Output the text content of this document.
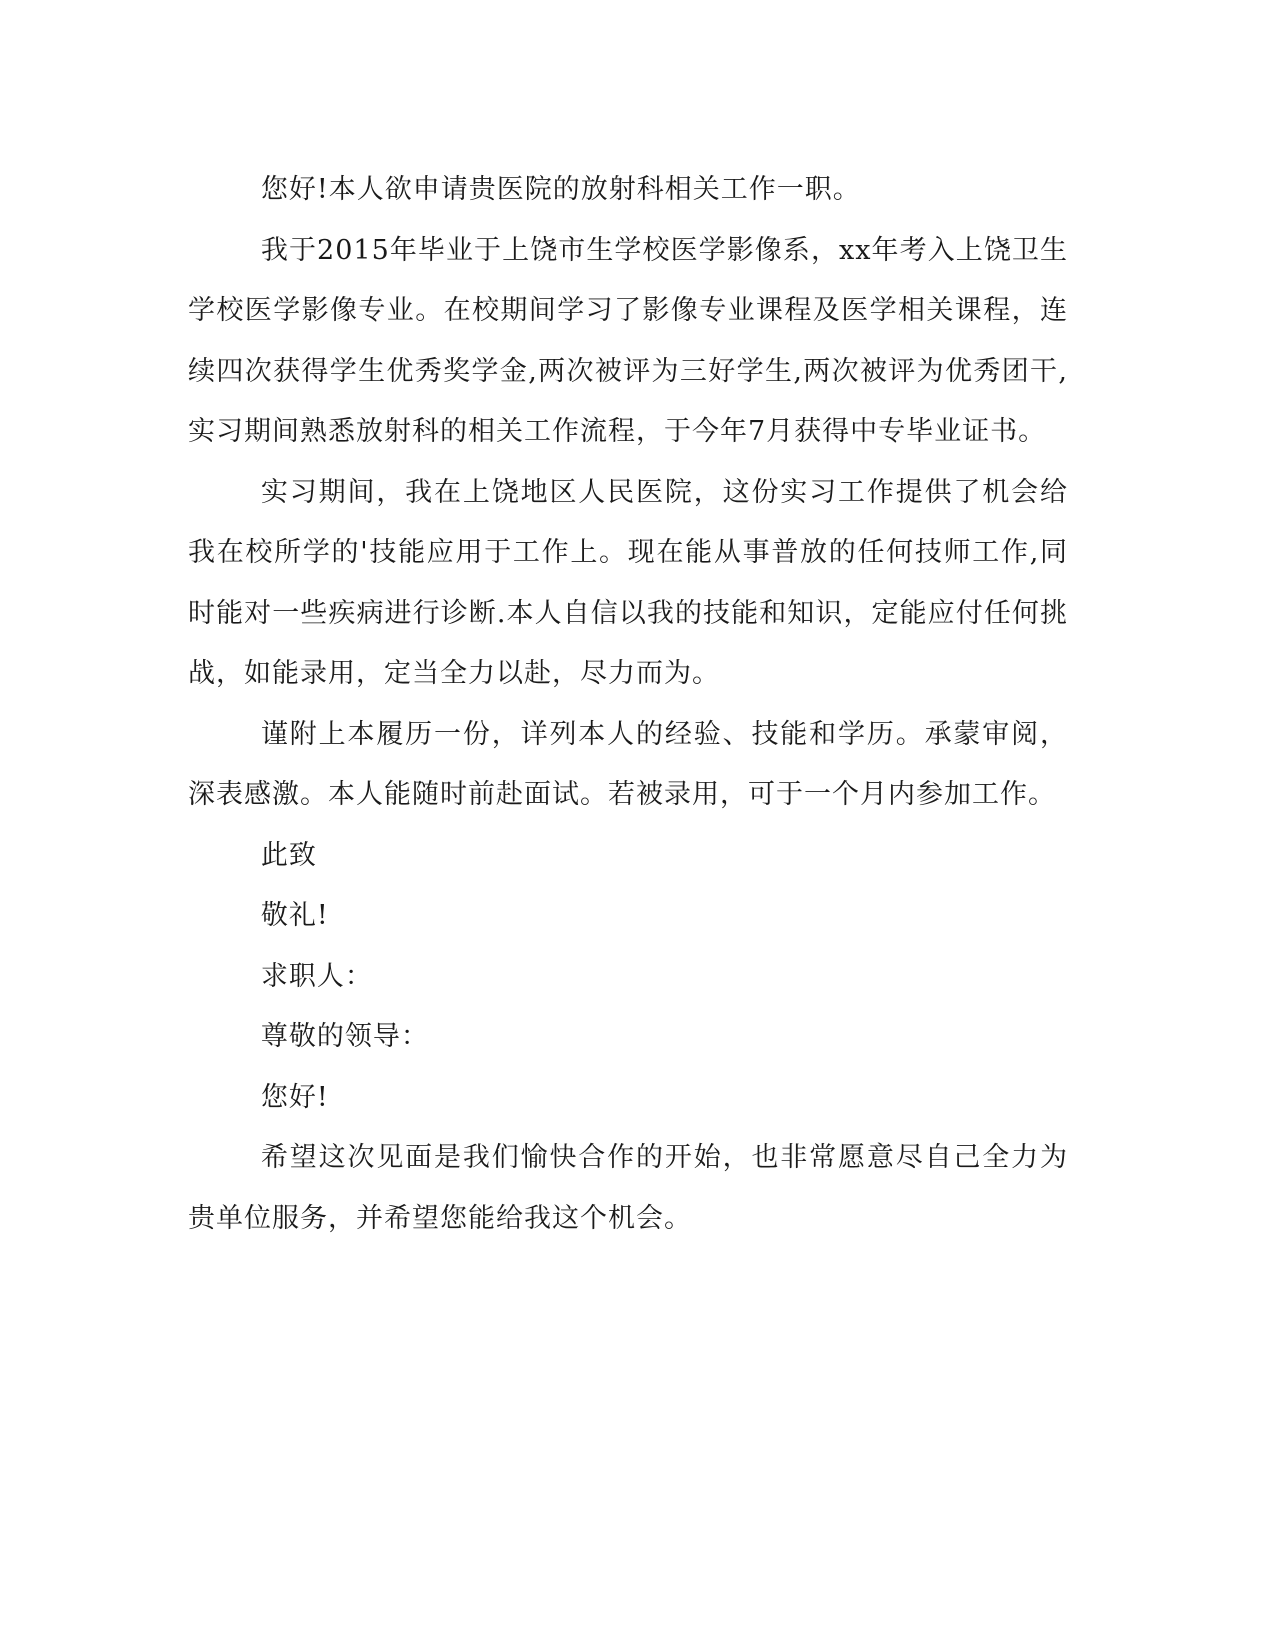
您好!本人欲申请贵医院的放射科相关工作一职。

我于2015年毕业于上饶市生学校医学影像系，xx年考入上饶卫生学校医学影像专业。在校期间学习了影像专业课程及医学相关课程，连续四次获得学生优秀奖学金,两次被评为三好学生,两次被评为优秀团干,实习期间熟悉放射科的相关工作流程，于今年7月获得中专毕业证书。

实习期间，我在上饶地区人民医院，这份实习工作提供了机会给我在校所学的'技能应用于工作上。现在能从事普放的任何技师工作,同时能对一些疾病进行诊断.本人自信以我的技能和知识，定能应付任何挑战，如能录用，定当全力以赴，尽力而为。

谨附上本履历一份，详列本人的经验、技能和学历。承蒙审阅，深表感激。本人能随时前赴面试。若被录用，可于一个月内参加工作。

此致

敬礼!

求职人：

尊敬的领导：

您好!

希望这次见面是我们愉快合作的开始，也非常愿意尽自己全力为贵单位服务，并希望您能给我这个机会。
